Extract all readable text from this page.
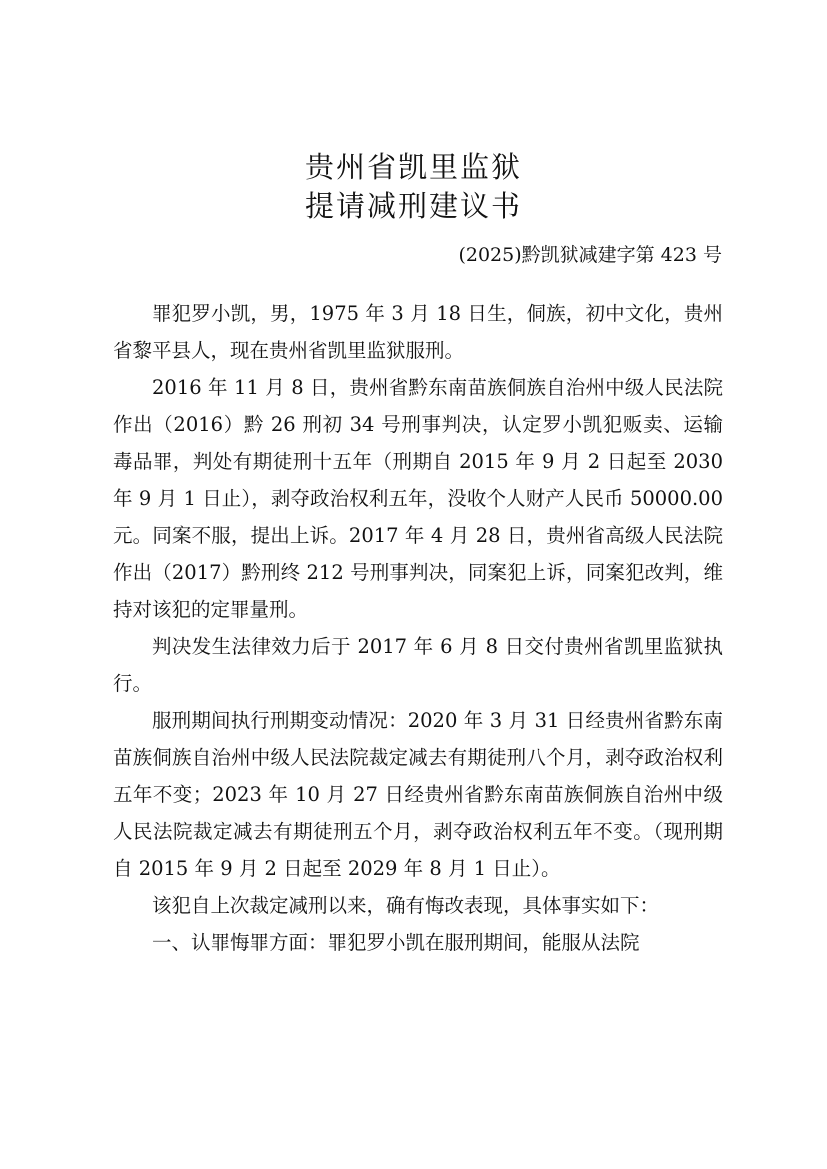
贵州省凯里监狱
提请减刑建议书
(2025)黔凯狱减建字第 423 号

罪犯罗小凯，男，1975 年 3 月 18 日生，侗族，初中文化，贵州省黎平县人，现在贵州省凯里监狱服刑。

2016 年 11 月 8 日，贵州省黔东南苗族侗族自治州中级人民法院作出（2016）黔 26 刑初 34 号刑事判决，认定罗小凯犯贩卖、运输毒品罪，判处有期徒刑十五年（刑期自 2015 年 9 月 2 日起至 2030 年 9 月 1 日止），剥夺政治权利五年，没收个人财产人民币 50000.00 元。同案不服，提出上诉。2017 年 4 月 28 日，贵州省高级人民法院作出（2017）黔刑终 212 号刑事判决，同案犯上诉，同案犯改判，维持对该犯的定罪量刑。

判决发生法律效力后于 2017 年 6 月 8 日交付贵州省凯里监狱执行。

服刑期间执行刑期变动情况：2020 年 3 月 31 日经贵州省黔东南苗族侗族自治州中级人民法院裁定减去有期徒刑八个月，剥夺政治权利五年不变；2023 年 10 月 27 日经贵州省黔东南苗族侗族自治州中级人民法院裁定减去有期徒刑五个月，剥夺政治权利五年不变。（现刑期自 2015 年 9 月 2 日起至 2029 年 8 月 1 日止）。

该犯自上次裁定减刑以来，确有悔改表现，具体事实如下：

一、认罪悔罪方面：罪犯罗小凯在服刑期间，能服从法院
